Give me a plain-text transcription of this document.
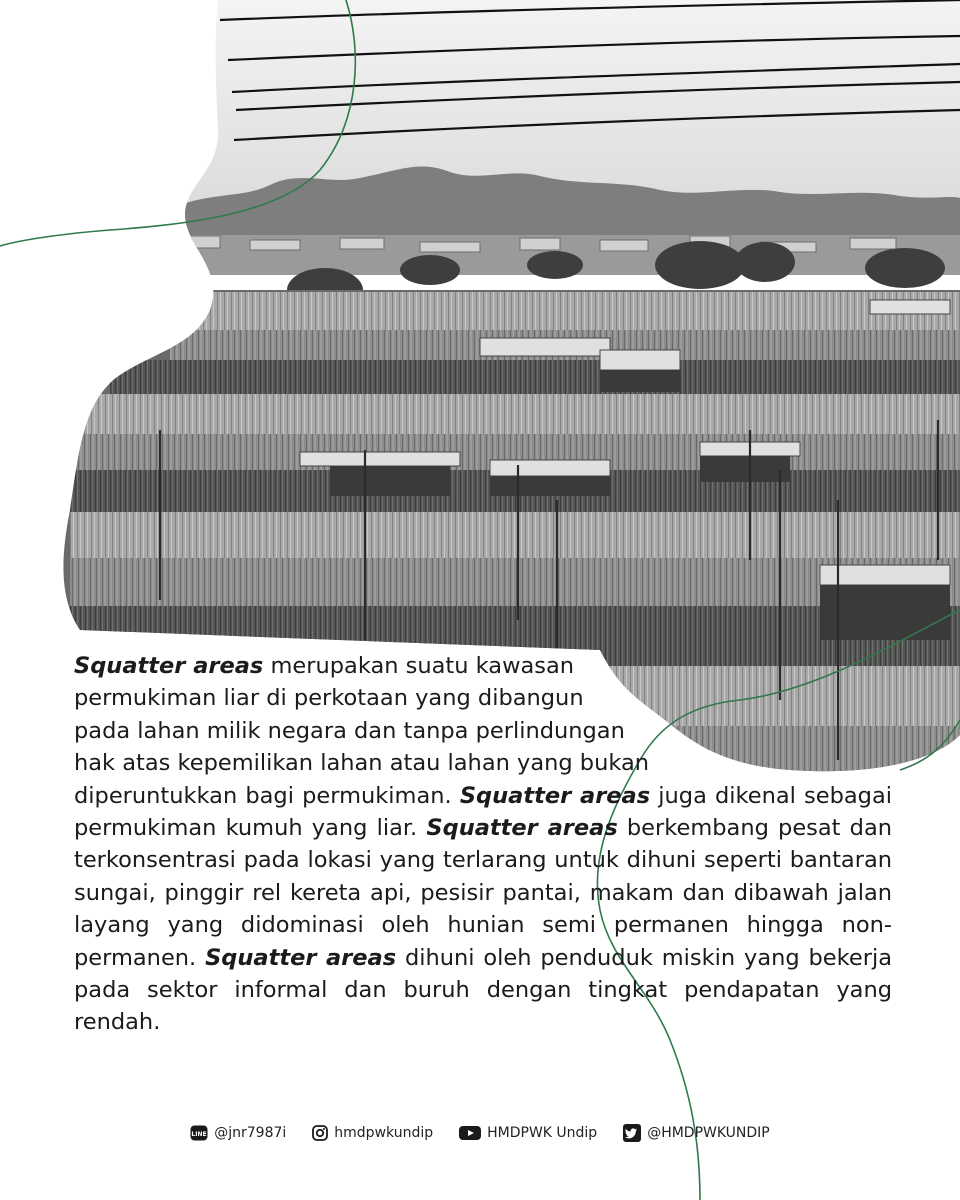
Squatter areas merupakan suatu kawasan
permukiman liar di perkotaan yang dibangun
pada lahan milik negara dan tanpa perlindungan
hak atas kepemilikan lahan atau lahan yang bukan
diperuntukkan bagi permukiman. Squatter areas juga dikenal sebagai permukiman kumuh yang liar. Squatter areas berkembang pesat dan terkonsentrasi pada lokasi yang terlarang untuk dihuni seperti bantaran sungai, pinggir rel kereta api, pesisir pantai, makam dan dibawah jalan layang yang didominasi oleh hunian semi permanen hingga non-permanen. Squatter areas dihuni oleh penduduk miskin yang bekerja pada sektor informal dan buruh dengan tingkat pendapatan yang rendah.
LINE @jnr7987i	hmdpwkundip	HMDPWK Undip	@HMDPWKUNDIP
